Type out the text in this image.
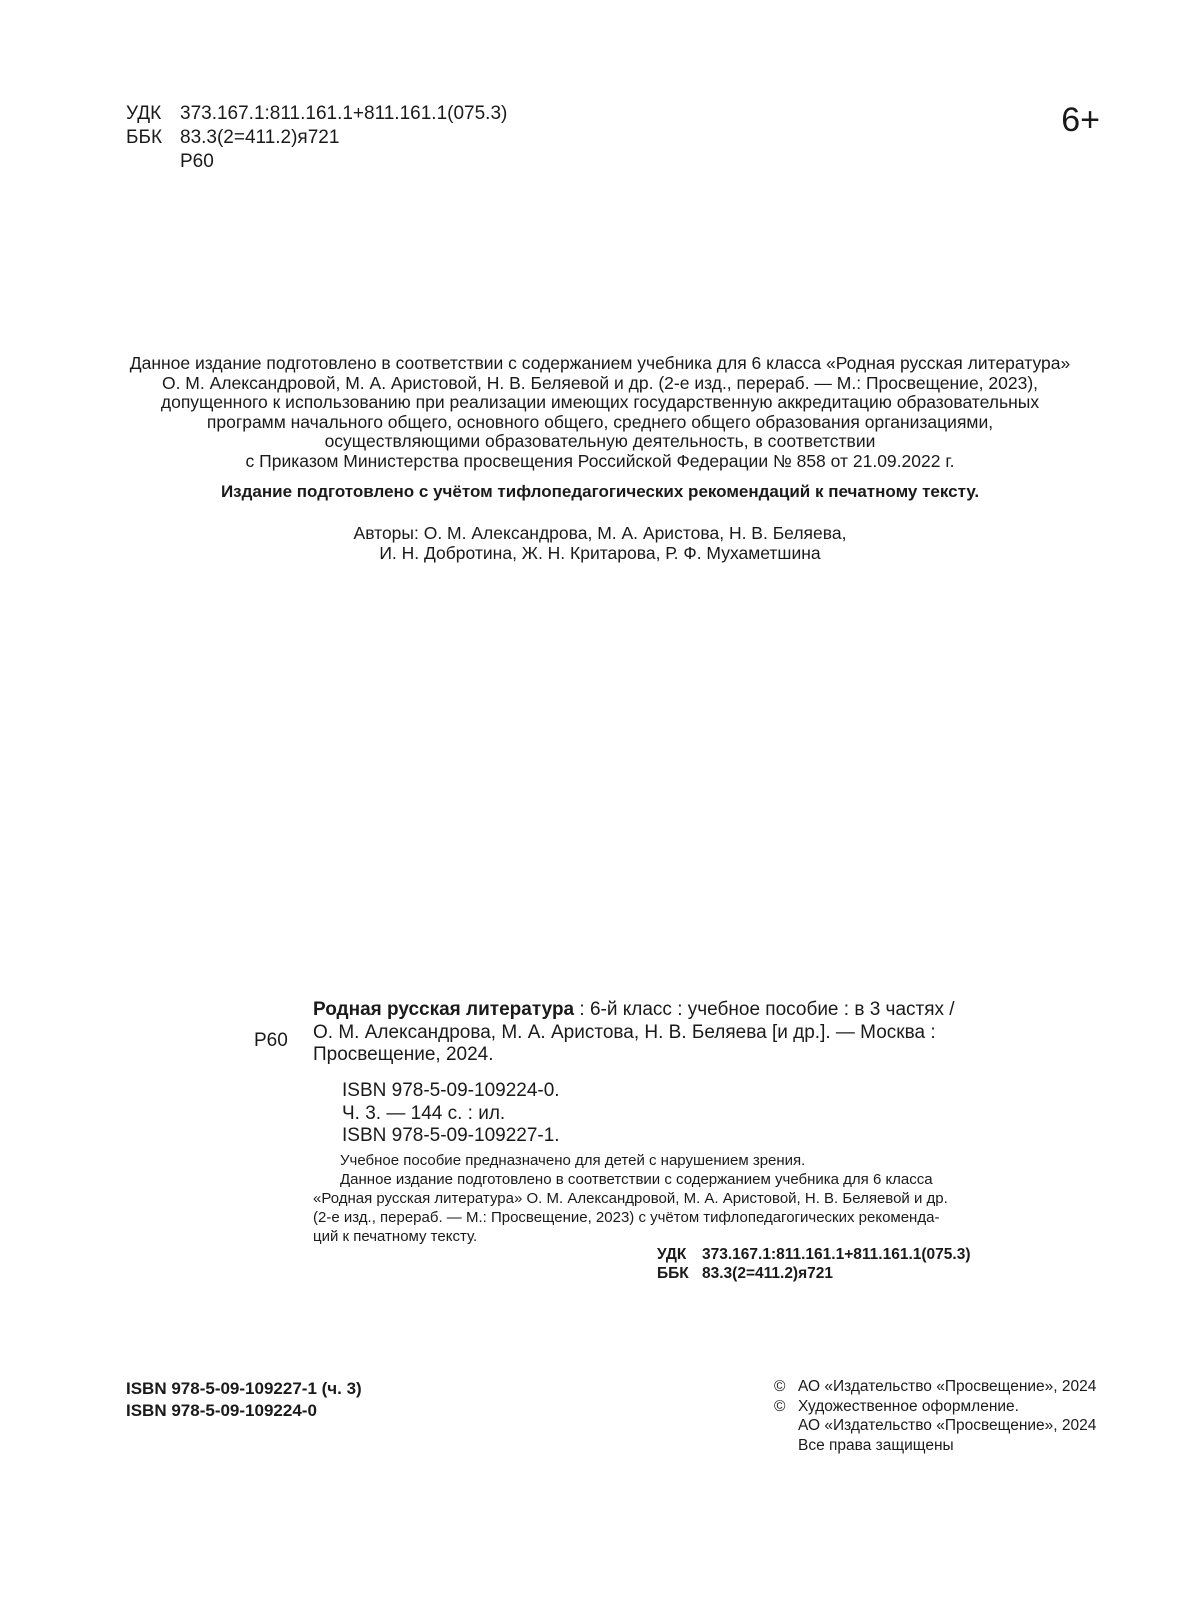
УДК 373.167.1:811.161.1+811.161.1(075.3)
ББК 83.3(2=411.2)я721
Р60
6+
Данное издание подготовлено в соответствии с содержанием учебника для 6 класса «Родная русская литература»
О. М. Александровой, М. А. Аристовой, Н. В. Беляевой и др. (2-е изд., перераб. — М.: Просвещение, 2023),
допущенного к использованию при реализации имеющих государственную аккредитацию образовательных
программ начального общего, основного общего, среднего общего образования организациями,
осуществляющими образовательную деятельность, в соответствии
с Приказом Министерства просвещения Российской Федерации № 858 от 21.09.2022 г.
Издание подготовлено с учётом тифлопедагогических рекомендаций к печатному тексту.
Авторы: О. М. Александрова, М. А. Аристова, Н. В. Беляева,
И. Н. Добротина, Ж. Н. Критарова, Р. Ф. Мухаметшина
Р60
Родная русская литература : 6-й класс : учебное пособие : в 3 частях /
О. М. Александрова, М. А. Аристова, Н. В. Беляева [и др.]. — Москва :
Просвещение, 2024.
ISBN 978-5-09-109224-0.
Ч. 3. — 144 с. : ил.
ISBN 978-5-09-109227-1.
Учебное пособие предназначено для детей с нарушением зрения.
Данное издание подготовлено в соответствии с содержанием учебника для 6 класса
«Родная русская литература» О. М. Александровой, М. А. Аристовой, Н. В. Беляевой и др.
(2-е изд., перераб. — М.: Просвещение, 2023) с учётом тифлопедагогических рекоменда-
ций к печатному тексту.
УДК	373.167.1:811.161.1+811.161.1(075.3)
ББК 83.3(2=411.2)я721
ISBN 978-5-09-109227-1 (ч. 3)
ISBN 978-5-09-109224-0
© АО «Издательство «Просвещение», 2024
© Художественное оформление.
АО «Издательство «Просвещение», 2024
Все права защищены
